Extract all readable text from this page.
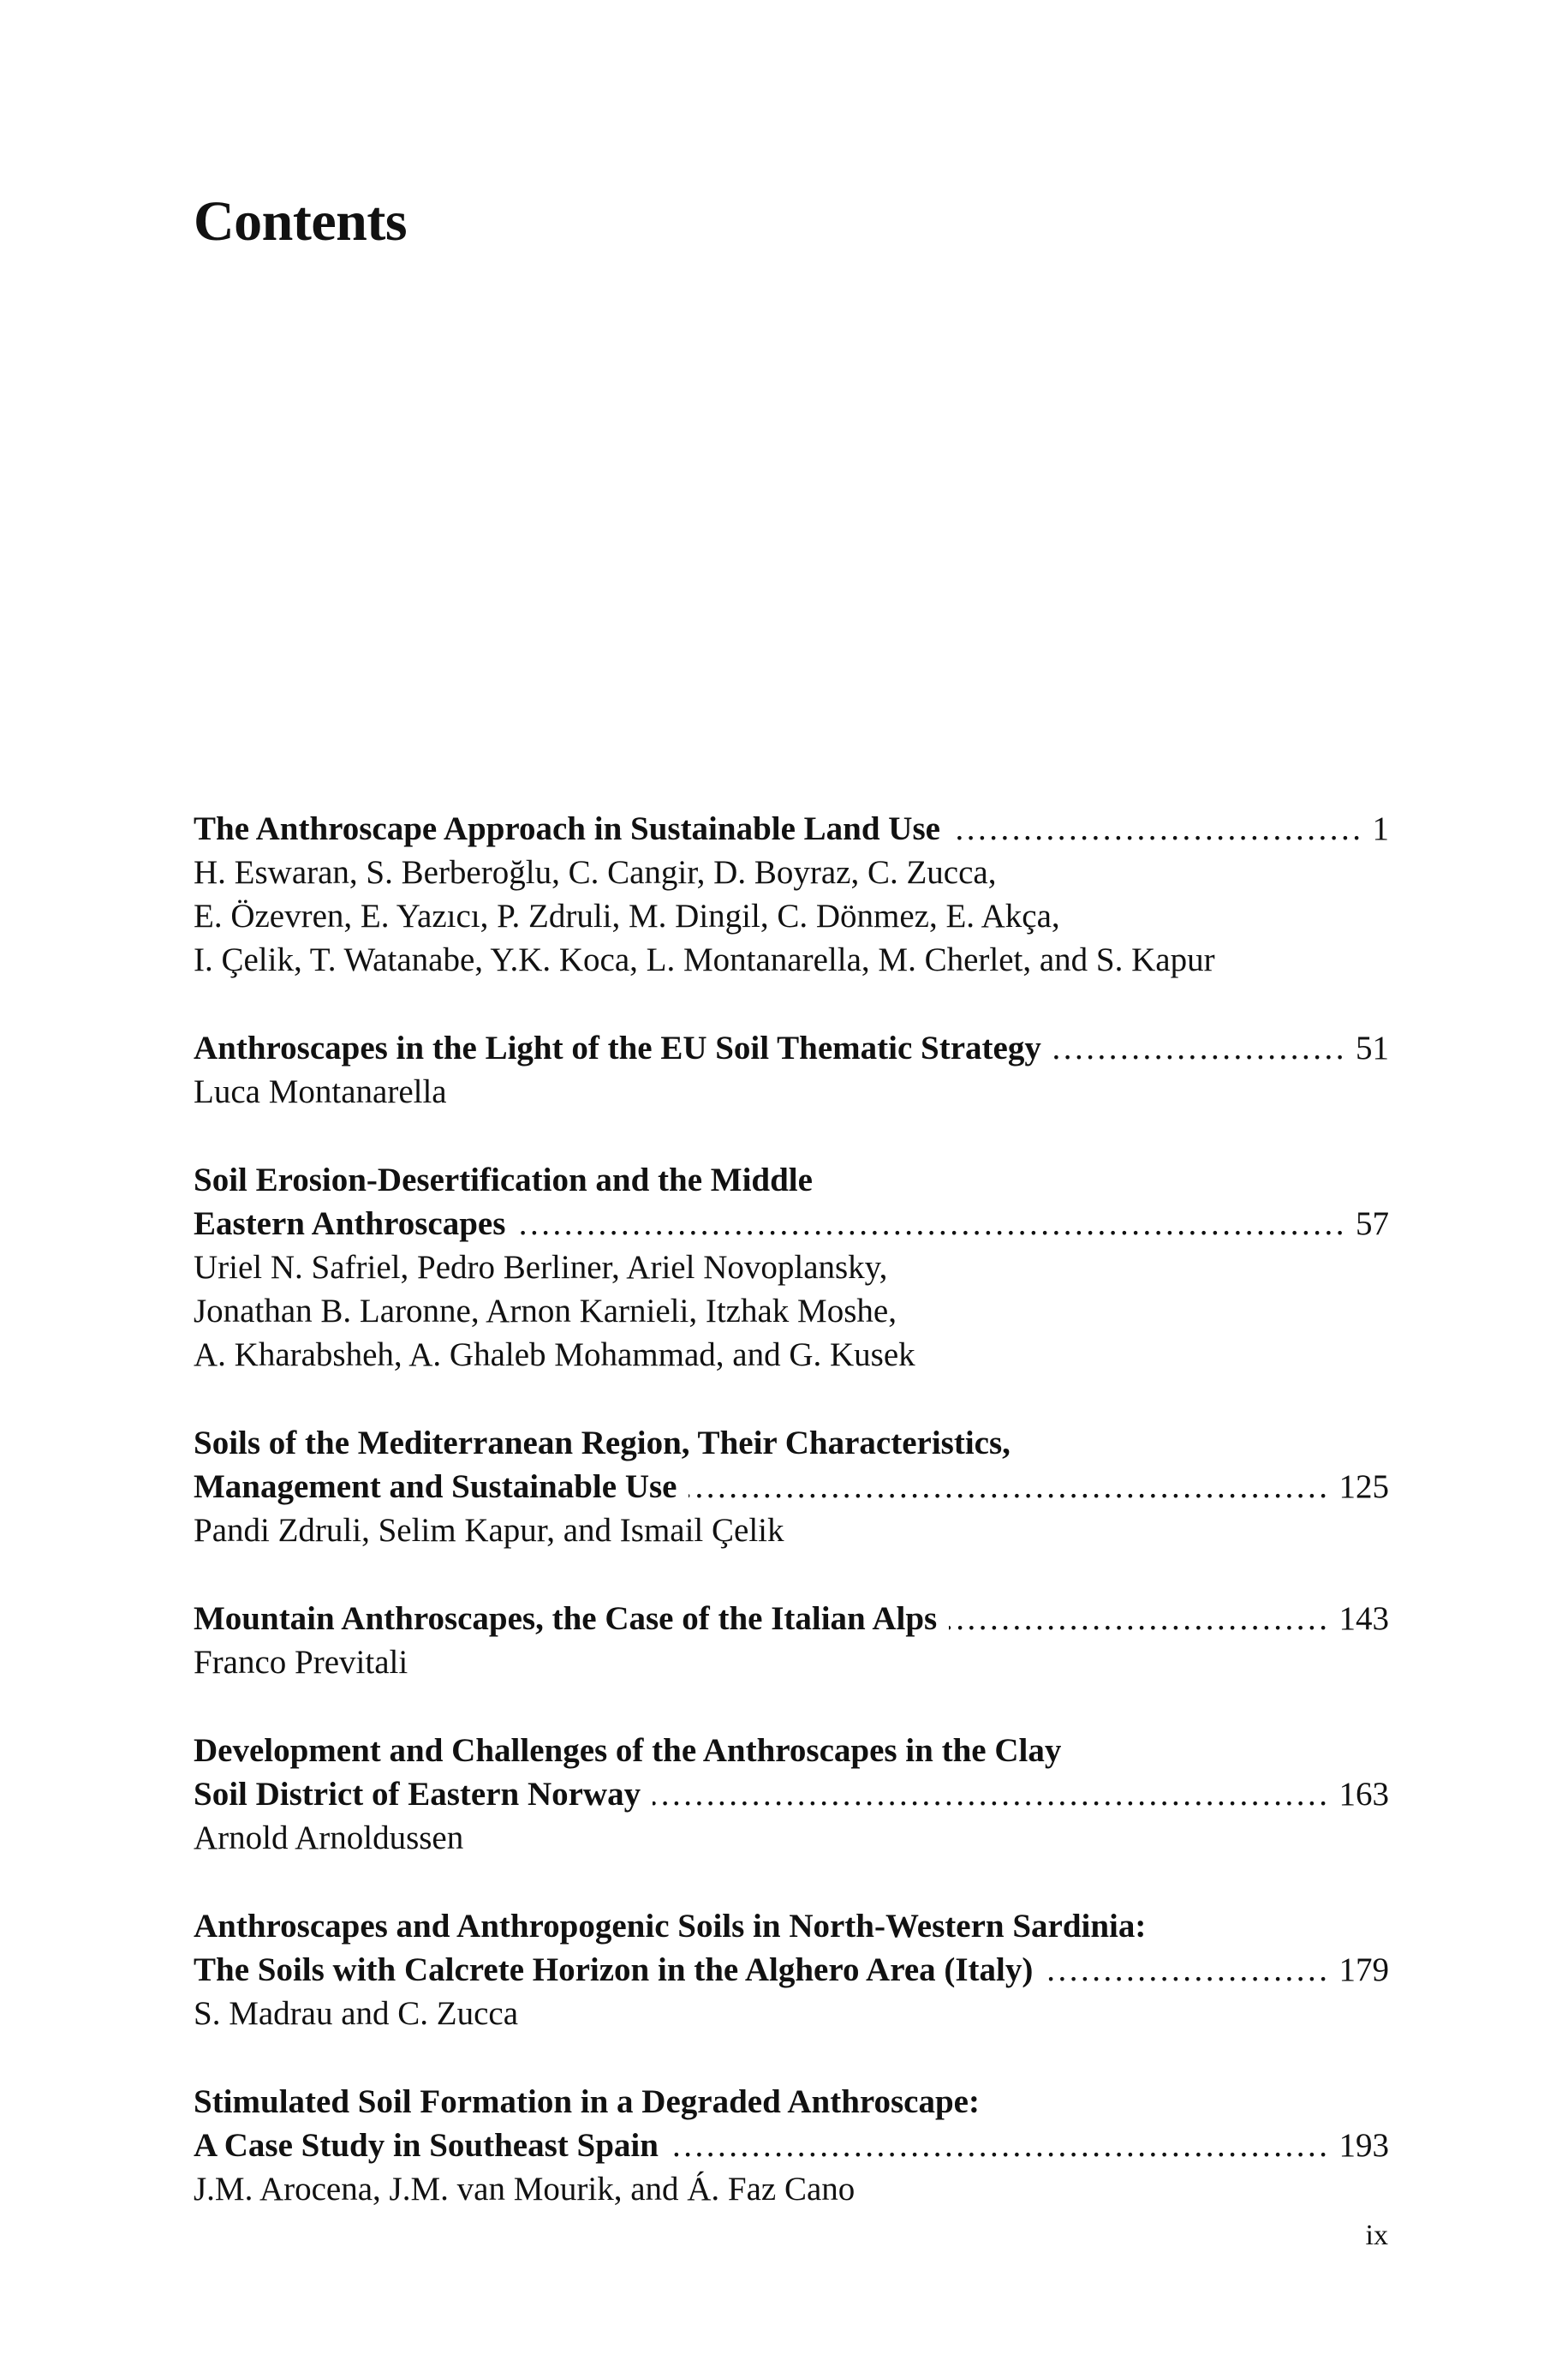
Contents
The Anthroscape Approach in Sustainable Land Use .....	1
H. Eswaran, S. Berberoğlu, C. Cangir, D. Boyraz, C. Zucca,
E. Özevren, E. Yazıcı, P. Zdruli, M. Dingil, C. Dönmez, E. Akça,
I. Çelik, T. Watanabe, Y.K. Koca, L. Montanarella, M. Cherlet, and S. Kapur
Anthroscapes in the Light of the EU Soil Thematic Strategy .....	51
Luca Montanarella
Soil Erosion-Desertification and the Middle
Eastern Anthroscapes .....	57
Uriel N. Safriel, Pedro Berliner, Ariel Novoplansky,
Jonathan B. Laronne, Arnon Karnieli, Itzhak Moshe,
A. Kharabsheh, A. Ghaleb Mohammad, and G. Kusek
Soils of the Mediterranean Region, Their Characteristics,
Management and Sustainable Use .....	125
Pandi Zdruli, Selim Kapur, and Ismail Çelik
Mountain Anthroscapes, the Case of the Italian Alps .....	143
Franco Previtali
Development and Challenges of the Anthroscapes in the Clay
Soil District of Eastern Norway .....	163
Arnold Arnoldussen
Anthroscapes and Anthropogenic Soils in North-Western Sardinia:
The Soils with Calcrete Horizon in the Alghero Area (Italy) .....	179
S. Madrau and C. Zucca
Stimulated Soil Formation in a Degraded Anthroscape:
A Case Study in Southeast Spain .....	193
J.M. Arocena, J.M. van Mourik, and Á. Faz Cano
ix
